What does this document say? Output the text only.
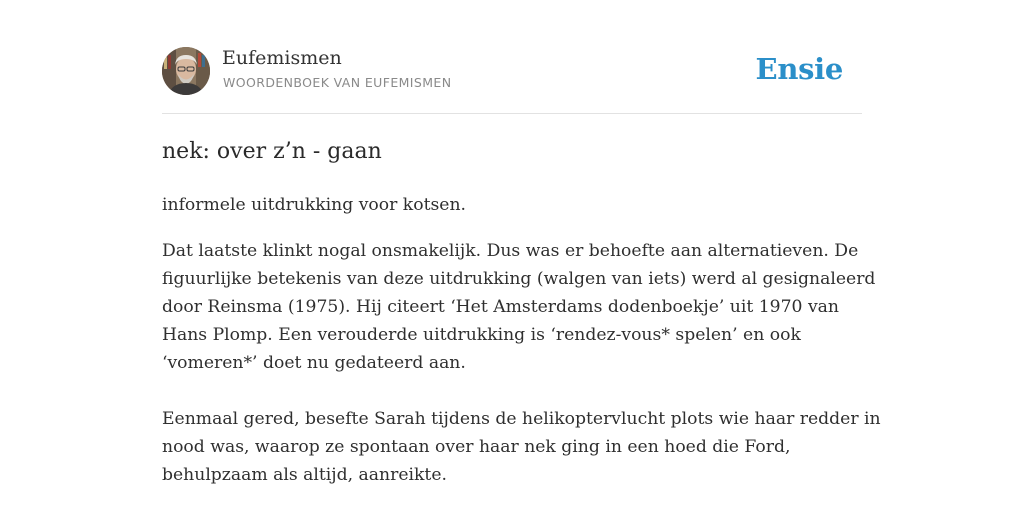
Eufemismen
WOORDENBOEK VAN EUFEMISMEN	Ensie
nek: over z’n - gaan
informele uitdrukking voor kotsen.

Dat laatste klinkt nogal onsmakelijk. Dus was er behoefte aan alternatieven. De
figuurlijke betekenis van deze uitdrukking (walgen van iets) werd al gesignaleerd
door Reinsma (1975). Hij citeert ‘Het Amsterdams dodenboekje’ uit 1970 van
Hans Plomp. Een verouderde uitdrukking is ‘rendez-vous* spelen’ en ook
‘vomeren*’ doet nu gedateerd aan.

Eenmaal gered, besefte Sarah tijdens de helikoptervlucht plots wie haar redder in
nood was, waarop ze spontaan over haar nek ging in een hoed die Ford,
behulpzaam als altijd, aanreikte.
